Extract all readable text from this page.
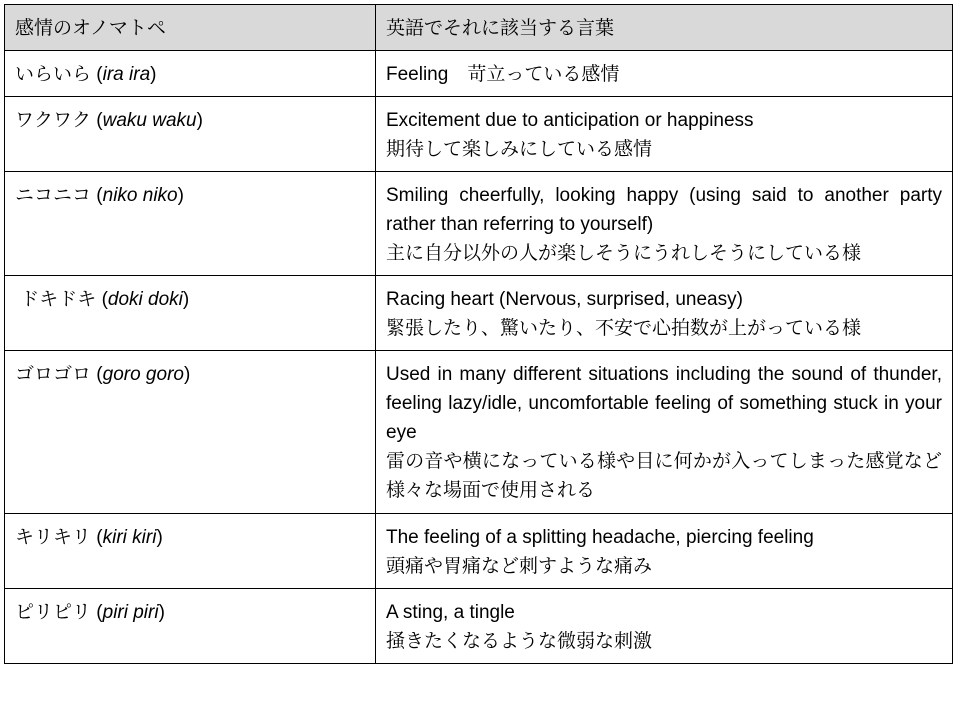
感情のオノマトペ	英語でそれに該当する言葉
いらいら (ira ira)	Feeling　 苛立っている感情
ワクワク (waku waku)	Excitement due to anticipation or happiness
期待して楽しみにしている感情

ニコニコ (niko niko)	Smiling cheerfully, looking happy (using said to another party rather than referring to yourself)
主に自分以外の人が楽しそうにうれしそうにしている様

ドキドキ (doki doki)	Racing heart (Nervous, surprised, uneasy)
緊張したり、驚いたり、不安で心拍数が上がっている様

ゴロゴロ (goro goro)	Used in many different situations including the sound of thunder, feeling lazy/idle, uncomfortable feeling of something stuck in your eye
雷の音や横になっている様や目に何かが入ってしまった感覚など様々な場面で使用される

キリキリ (kiri kiri)	The feeling of a splitting headache, piercing feeling
頭痛や胃痛など刺すような痛み

ピリピリ (piri piri)	A sting, a tingle
掻きたくなるような微弱な刺激
